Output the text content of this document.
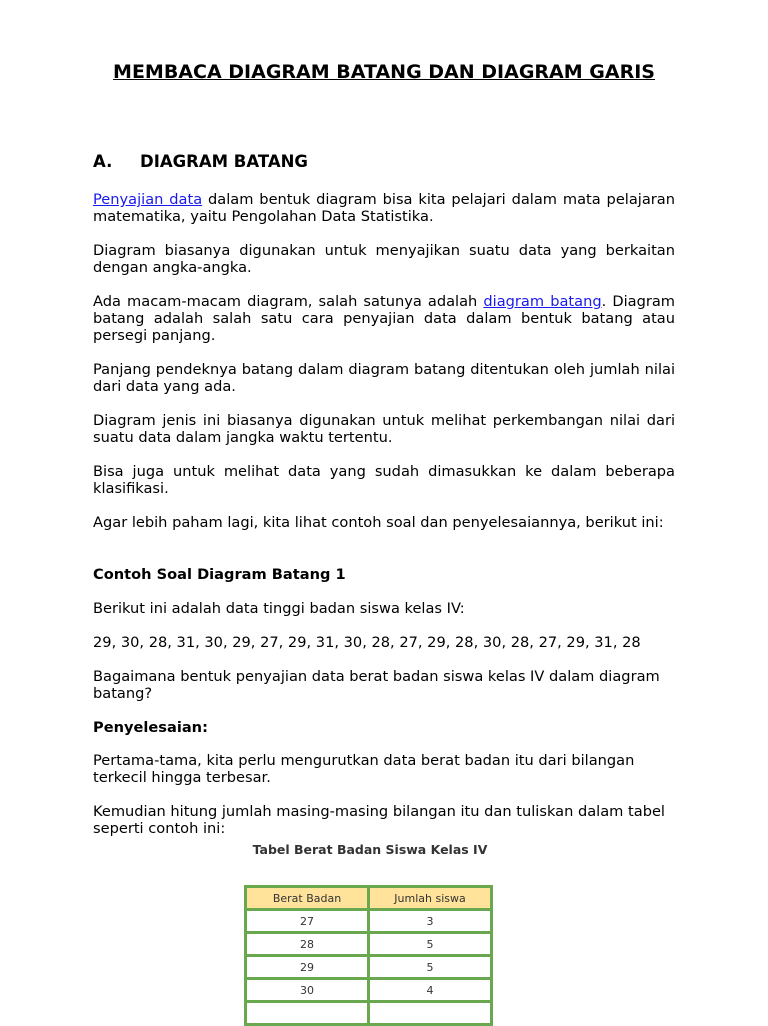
MEMBACA DIAGRAM BATANG DAN DIAGRAM GARIS
A. DIAGRAM BATANG

Penyajian data dalam bentuk diagram bisa kita pelajari dalam mata pelajaran matematika, yaitu Pengolahan Data Statistika.

Diagram biasanya digunakan untuk menyajikan suatu data yang berkaitan dengan angka-angka.

Ada macam-macam diagram, salah satunya adalah diagram batang. Diagram batang adalah salah satu cara penyajian data dalam bentuk batang atau persegi panjang.

Panjang pendeknya batang dalam diagram batang ditentukan oleh jumlah nilai dari data yang ada.

Diagram jenis ini biasanya digunakan untuk melihat perkembangan nilai dari suatu data dalam jangka waktu tertentu.

Bisa juga untuk melihat data yang sudah dimasukkan ke dalam beberapa klasifikasi.

Agar lebih paham lagi, kita lihat contoh soal dan penyelesaiannya, berikut ini:

Contoh Soal Diagram Batang 1

Berikut ini adalah data tinggi badan siswa kelas IV:

29, 30, 28, 31, 30, 29, 27, 29, 31, 30, 28, 27, 29, 28, 30, 28, 27, 29, 31, 28

Bagaimana bentuk penyajian data berat badan siswa kelas IV dalam diagram batang?

Penyelesaian:

Pertama-tama, kita perlu mengurutkan data berat badan itu dari bilangan terkecil hingga terbesar.

Kemudian hitung jumlah masing-masing bilangan itu dan tuliskan dalam tabel seperti contoh ini:

Tabel Berat Badan Siswa Kelas IV

Berat Badan	Jumlah siswa
27	3
28	5
29	5
30	4
